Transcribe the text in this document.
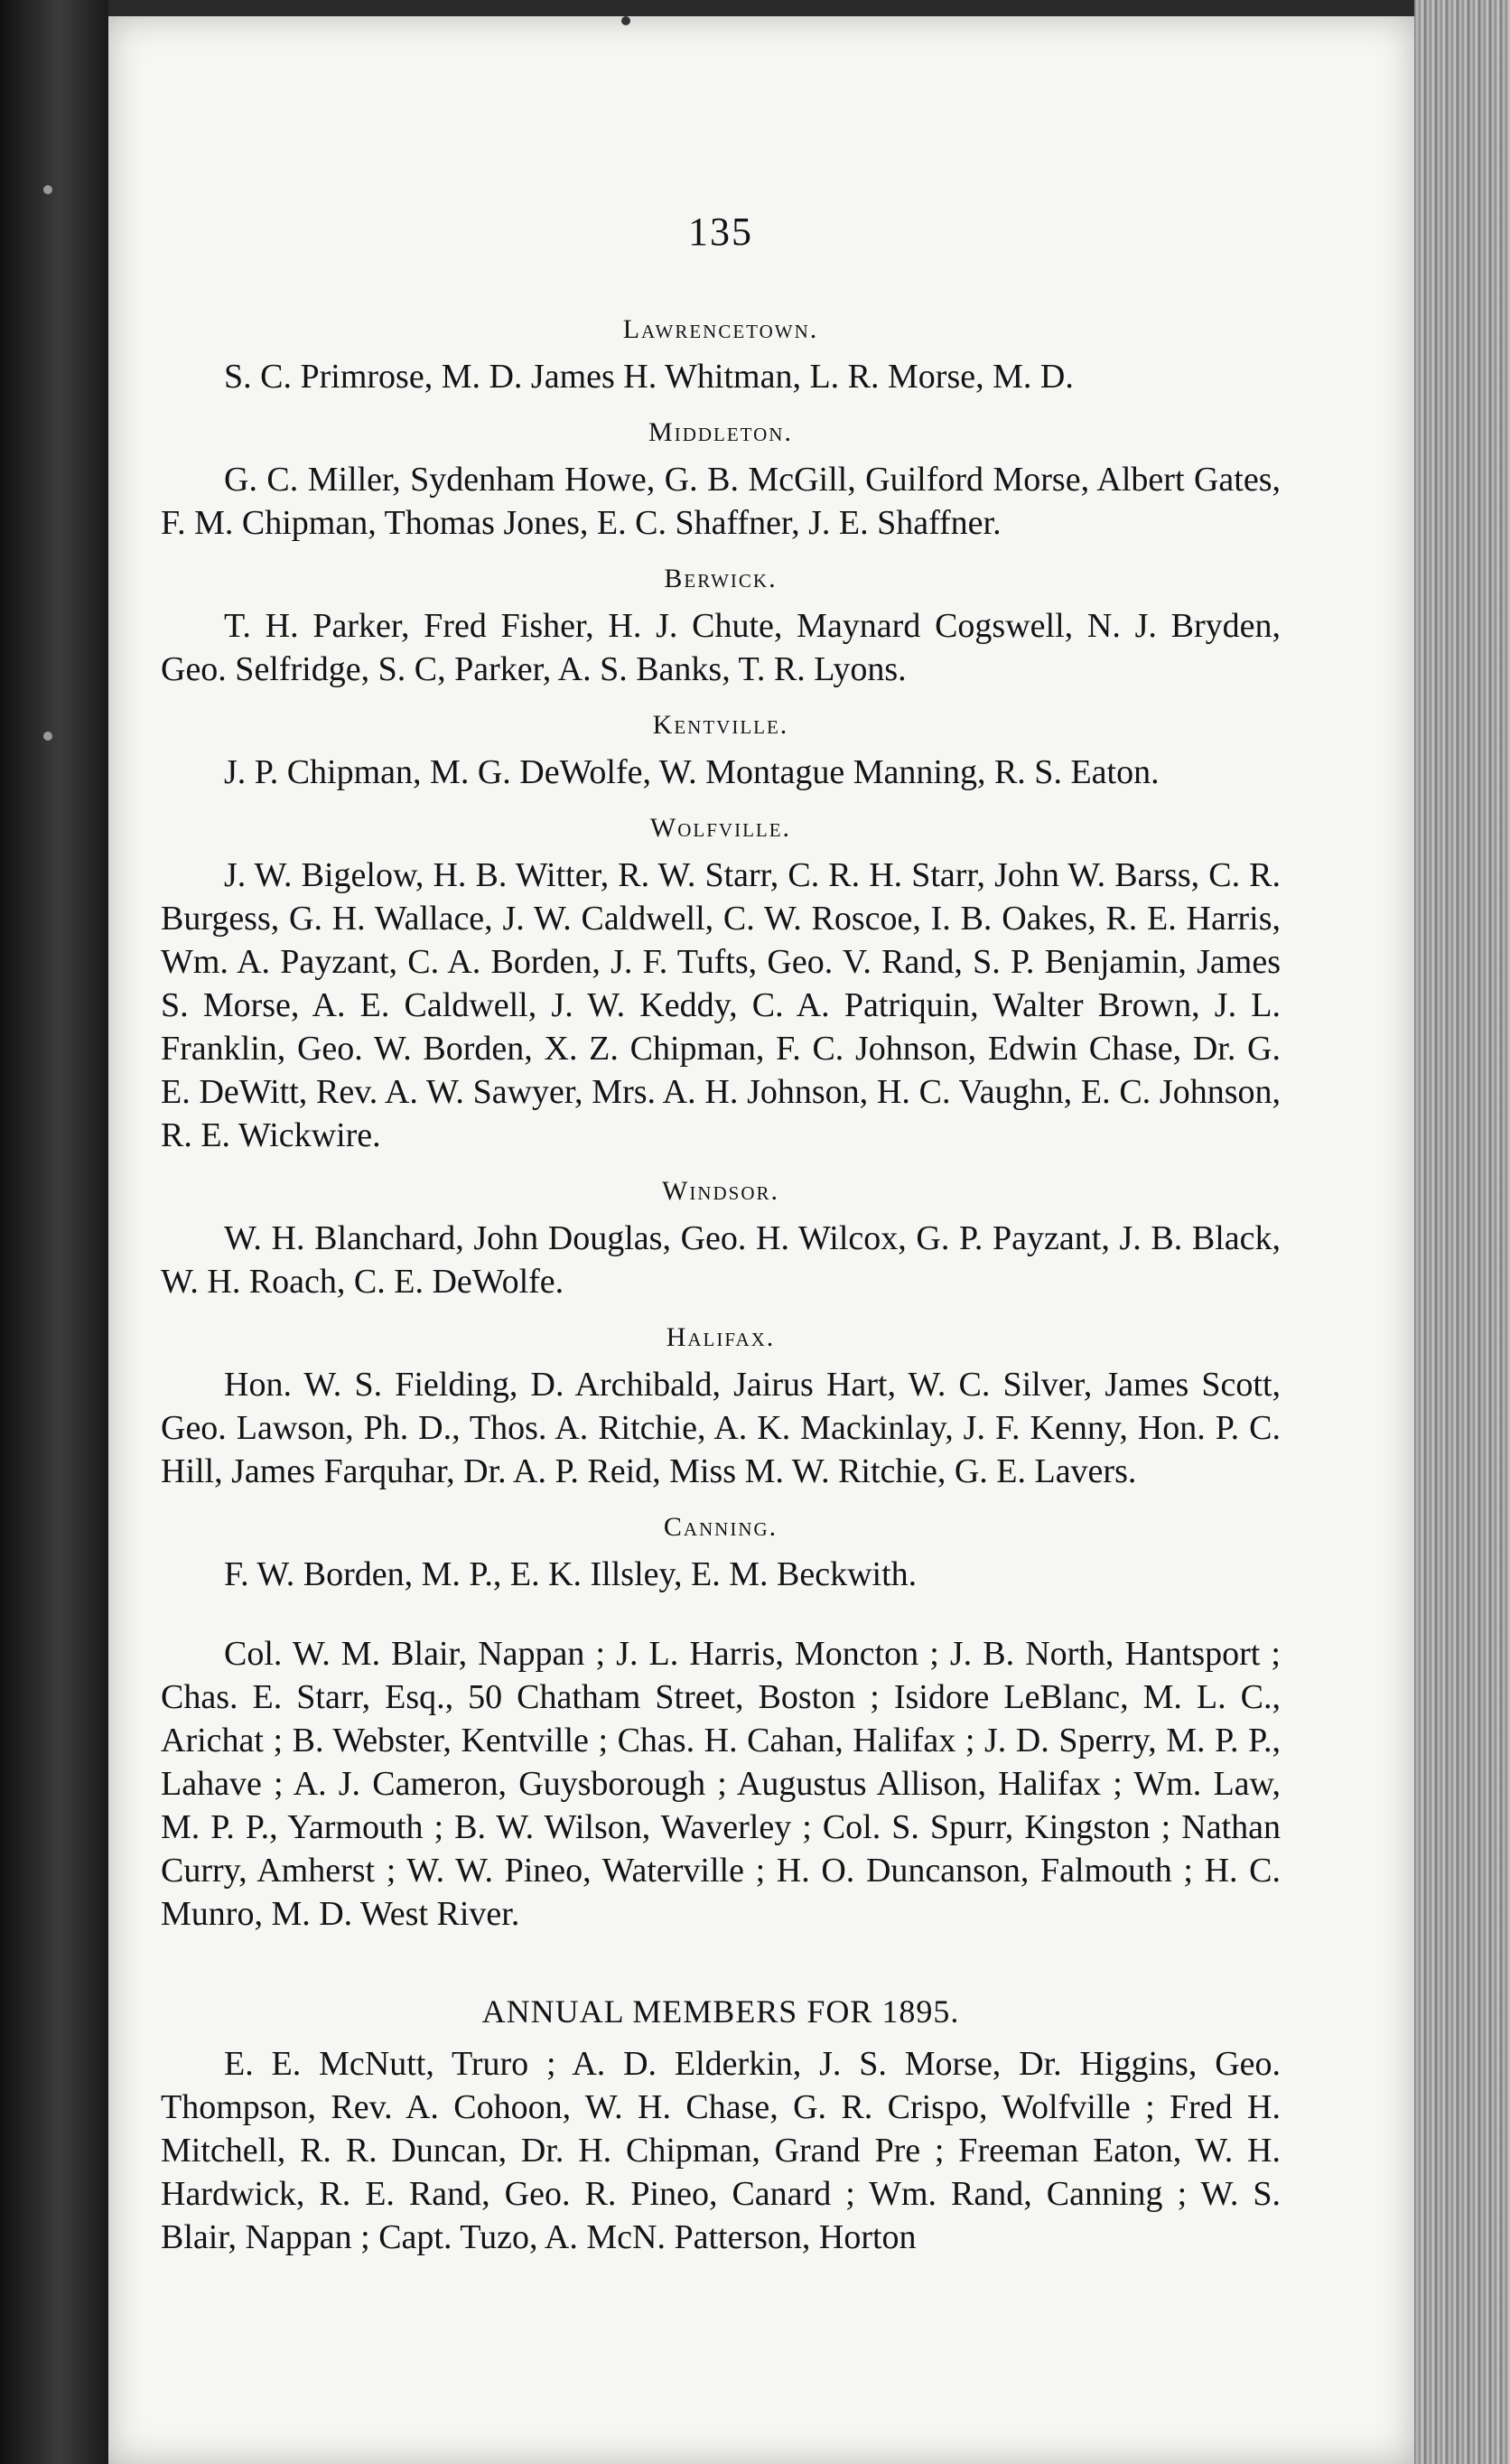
135
Lawrencetown.

S. C. Primrose, M. D. James H. Whitman, L. R. Morse, M. D.

Middleton.

G. C. Miller, Sydenham Howe, G. B. McGill, Guilford Morse, Albert Gates, F. M. Chipman, Thomas Jones, E. C. Shaffner, J. E. Shaffner.

Berwick.

T. H. Parker, Fred Fisher, H. J. Chute, Maynard Cogswell, N. J. Bryden, Geo. Selfridge, S. C, Parker, A. S. Banks, T. R. Lyons.

Kentville.

J. P. Chipman, M. G. DeWolfe, W. Montague Manning, R. S. Eaton.

Wolfville.

J. W. Bigelow, H. B. Witter, R. W. Starr, C. R. H. Starr, John W. Barss, C. R. Burgess, G. H. Wallace, J. W. Caldwell, C. W. Roscoe, I. B. Oakes, R. E. Harris, Wm. A. Payzant, C. A. Borden, J. F. Tufts, Geo. V. Rand, S. P. Benjamin, James S. Morse, A. E. Caldwell, J. W. Keddy, C. A. Patriquin, Walter Brown, J. L. Franklin, Geo. W. Borden, X. Z. Chipman, F. C. Johnson, Edwin Chase, Dr. G. E. DeWitt, Rev. A. W. Sawyer, Mrs. A. H. Johnson, H. C. Vaughn, E. C. Johnson, R. E. Wickwire.

Windsor.

W. H. Blanchard, John Douglas, Geo. H. Wilcox, G. P. Payzant, J. B. Black, W. H. Roach, C. E. DeWolfe.

Halifax.

Hon. W. S. Fielding, D. Archibald, Jairus Hart, W. C. Silver, James Scott, Geo. Lawson, Ph. D., Thos. A. Ritchie, A. K. Mackinlay, J. F. Kenny, Hon. P. C. Hill, James Farquhar, Dr. A. P. Reid, Miss M. W. Ritchie, G. E. Lavers.

Canning.

F. W. Borden, M. P., E. K. Illsley, E. M. Beckwith.

Col. W. M. Blair, Nappan ; J. L. Harris, Moncton ; J. B. North, Hantsport ; Chas. E. Starr, Esq., 50 Chatham Street, Boston ; Isidore LeBlanc, M. L. C., Arichat ; B. Webster, Kentville ; Chas. H. Cahan, Halifax ; J. D. Sperry, M. P. P., Lahave ; A. J. Cameron, Guysborough ; Augustus Allison, Halifax ; Wm. Law, M. P. P., Yarmouth ; B. W. Wilson, Waverley ; Col. S. Spurr, Kingston ; Nathan Curry, Amherst ; W. W. Pineo, Waterville ; H. O. Duncanson, Falmouth ; H. C. Munro, M. D. West River.

ANNUAL MEMBERS FOR 1895.

E. E. McNutt, Truro ; A. D. Elderkin, J. S. Morse, Dr. Higgins, Geo. Thompson, Rev. A. Cohoon, W. H. Chase, G. R. Crispo, Wolfville ; Fred H. Mitchell, R. R. Duncan, Dr. H. Chipman, Grand Pre ; Freeman Eaton, W. H. Hardwick, R. E. Rand, Geo. R. Pineo, Canard ; Wm. Rand, Canning ; W. S. Blair, Nappan ; Capt. Tuzo, A. McN. Patterson, Horton
